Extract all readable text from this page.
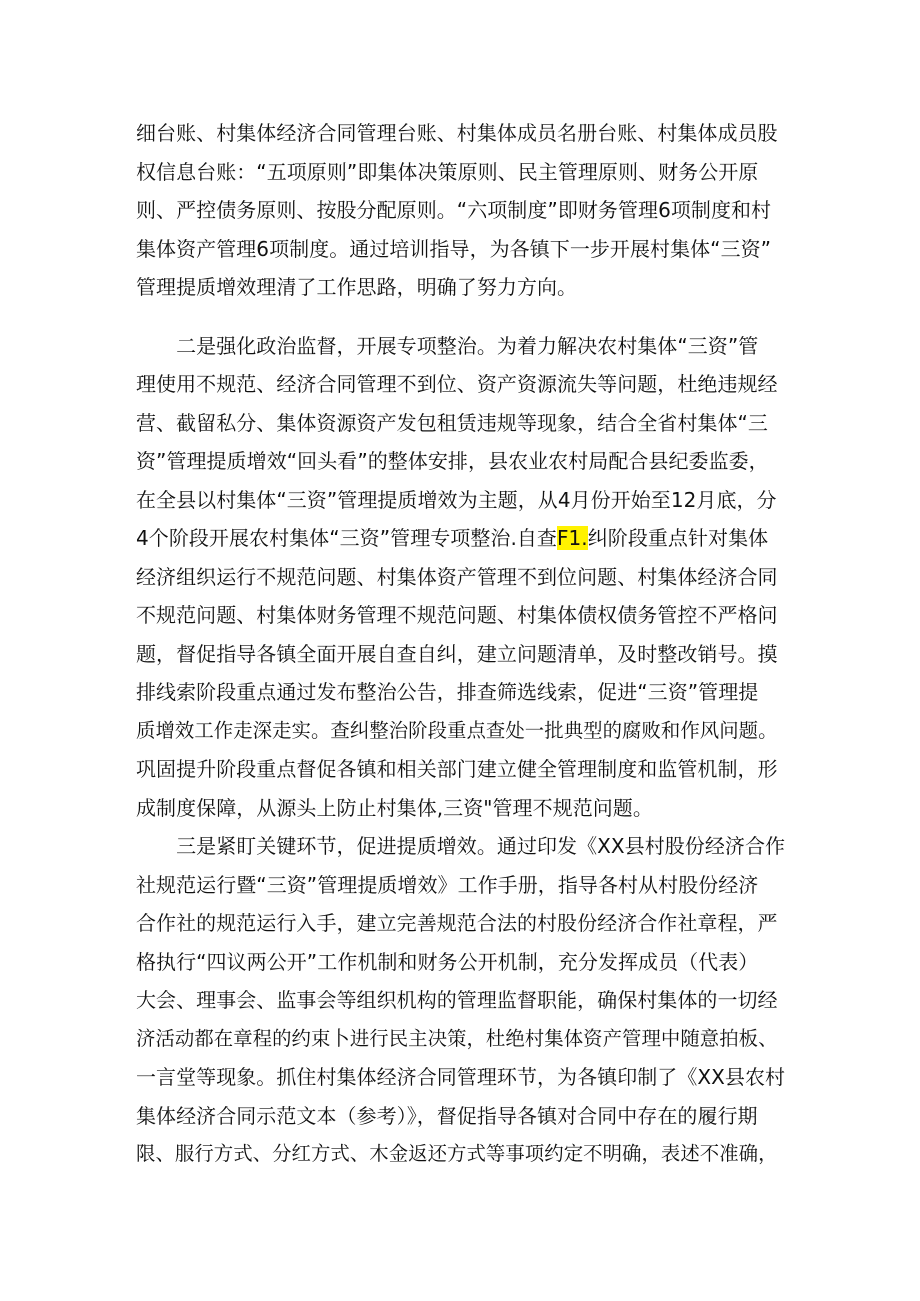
细台账、村集体经济合同管理台账、村集体成员名册台账、村集体成员股
权信息台账：“五项原则”即集体决策原则、民主管理原则、财务公开原
则、严控债务原则、按股分配原则。“六项制度”即财务管理6项制度和村
集体资产管理6项制度。通过培训指导，为各镇下一步开展村集体“三资”
管理提质增效理清了工作思路，明确了努力方向。
　　二是强化政治监督，开展专项整治。为着力解决农村集体“三资”管
理使用不规范、经济合同管理不到位、资产资源流失等问题，杜绝违规经
营、截留私分、集体资源资产发包租赁违规等现象，结合全省村集体“三
资”管理提质增效“回头看”的整体安排，县农业农村局配合县纪委监委，
在全县以村集体“三资”管理提质增效为主题，从4月份开始至12月底，分
4个阶段开展农村集体“三资”管理专项整治.自查F1.纠阶段重点针对集体
经济组织运行不规范问题、村集体资产管理不到位问题、村集体经济合同
不规范问题、村集体财务管理不规范问题、村集体债权债务管控不严格问
题，督促指导各镇全面开展自查自纠，建立问题清单，及时整改销号。摸
排线索阶段重点通过发布整治公告，排查筛选线索，促进“三资”管理提
质增效工作走深走实。查纠整治阶段重点查处一批典型的腐败和作风问题。
巩固提升阶段重点督促各镇和相关部门建立健全管理制度和监管机制，形
成制度保障，从源头上防止村集体,三资"管理不规范问题。
　　三是紧盯关键环节，促进提质增效。通过印发《XX县村股份经济合作
社规范运行暨“三资”管理提质增效》工作手册，指导各村从村股份经济
合作社的规范运行入手，建立完善规范合法的村股份经济合作社章程，严
格执行“四议两公开”工作机制和财务公开机制，充分发挥成员（代表）
大会、理事会、监事会等组织机构的管理监督职能，确保村集体的一切经
济活动都在章程的约束卜进行民主决策，杜绝村集体资产管理中随意拍板、
一言堂等现象。抓住村集体经济合同管理环节，为各镇印制了《XX县农村
集体经济合同示范文本（参考）》，督促指导各镇对合同中存在的履行期
限、服行方式、分红方式、木金返还方式等事项约定不明确，表述不准确，
